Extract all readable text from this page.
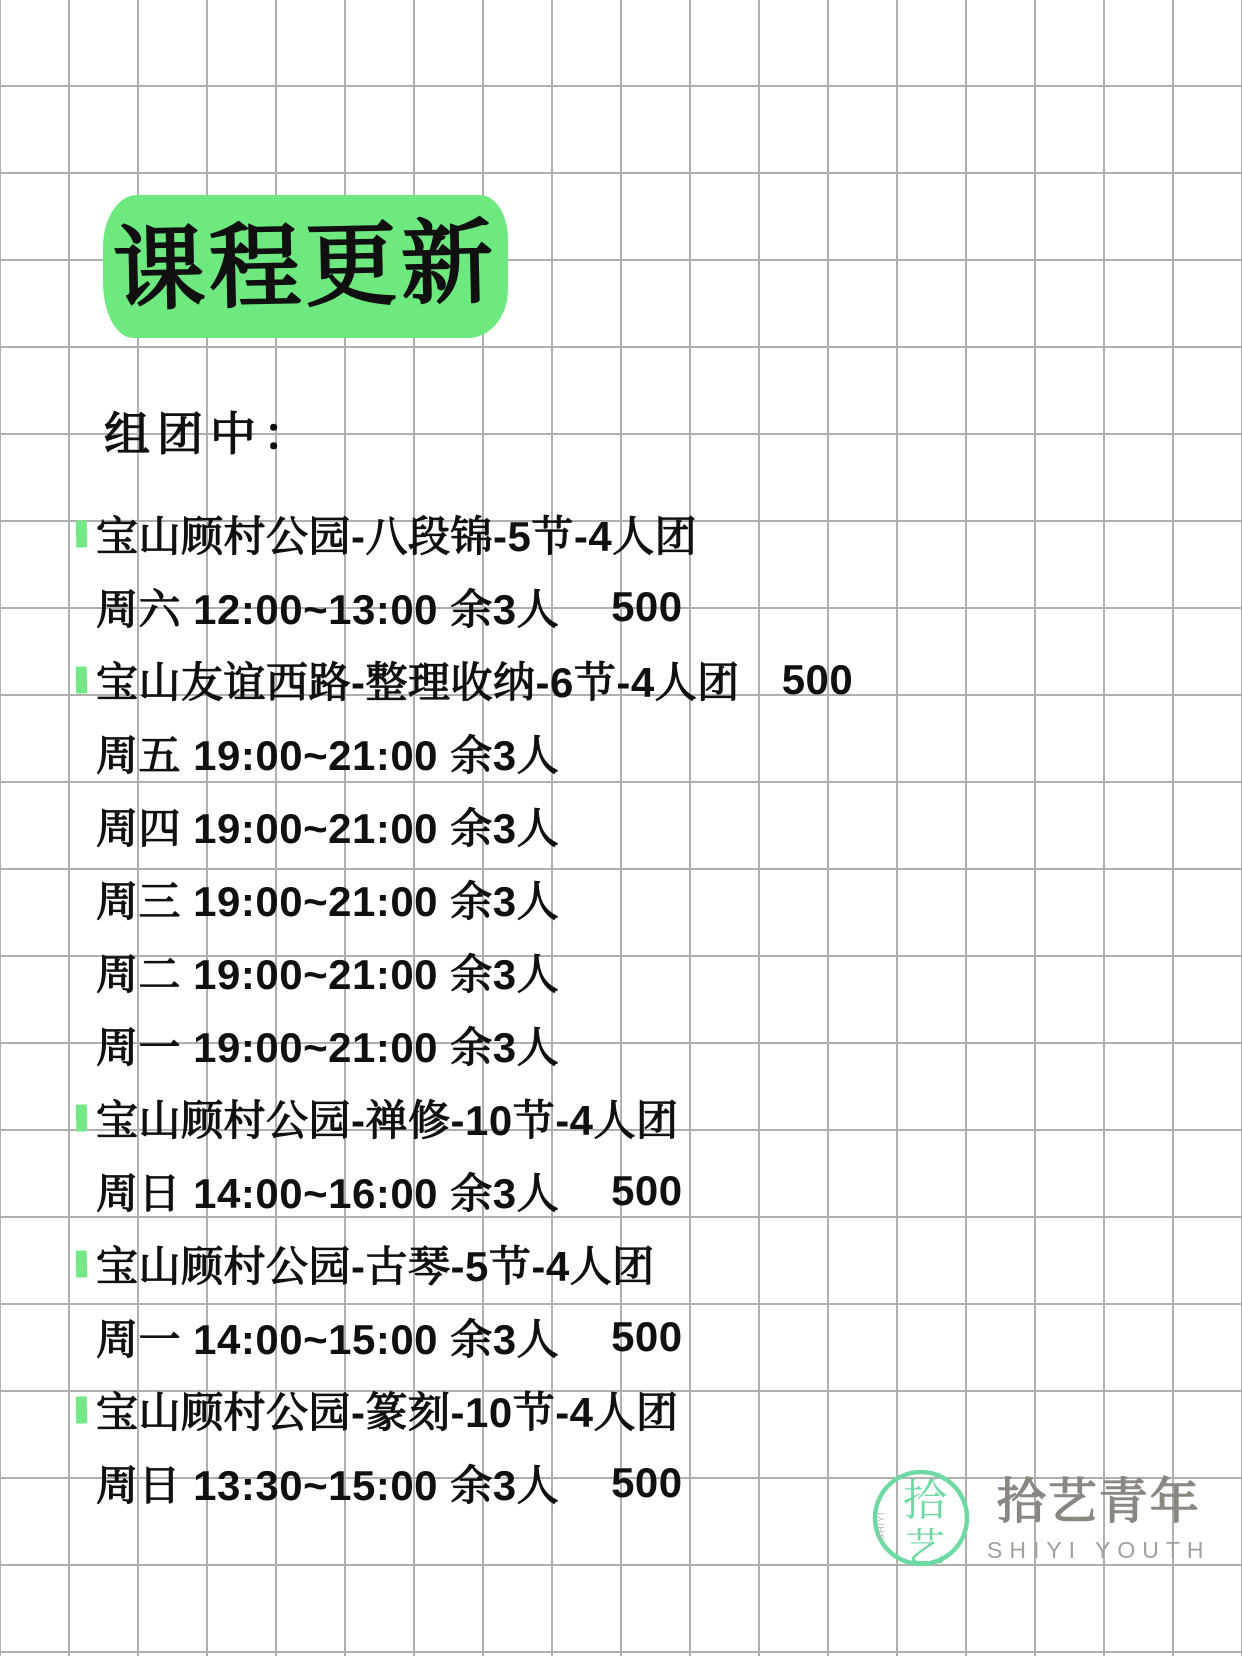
课程更新
组团中：
宝山顾村公园-八段锦-5节-4人团
周六 12:00~13:00 余3人 500
宝山友谊西路-整理收纳-6节-4人团 500
周五 19:00~21:00 余3人
周四 19:00~21:00 余3人
周三 19:00~21:00 余3人
周二 19:00~21:00 余3人
周一 19:00~21:00 余3人
宝山顾村公园-禅修-10节-4人团
周日 14:00~16:00 余3人 500
宝山顾村公园-古琴-5节-4人团
周一 14:00~15:00 余3人 500
宝山顾村公园-篆刻-10节-4人团
周日 13:30~15:00 余3人 500	拾
艺
SHIYI 拾艺青年
SHIYI YOUTH
